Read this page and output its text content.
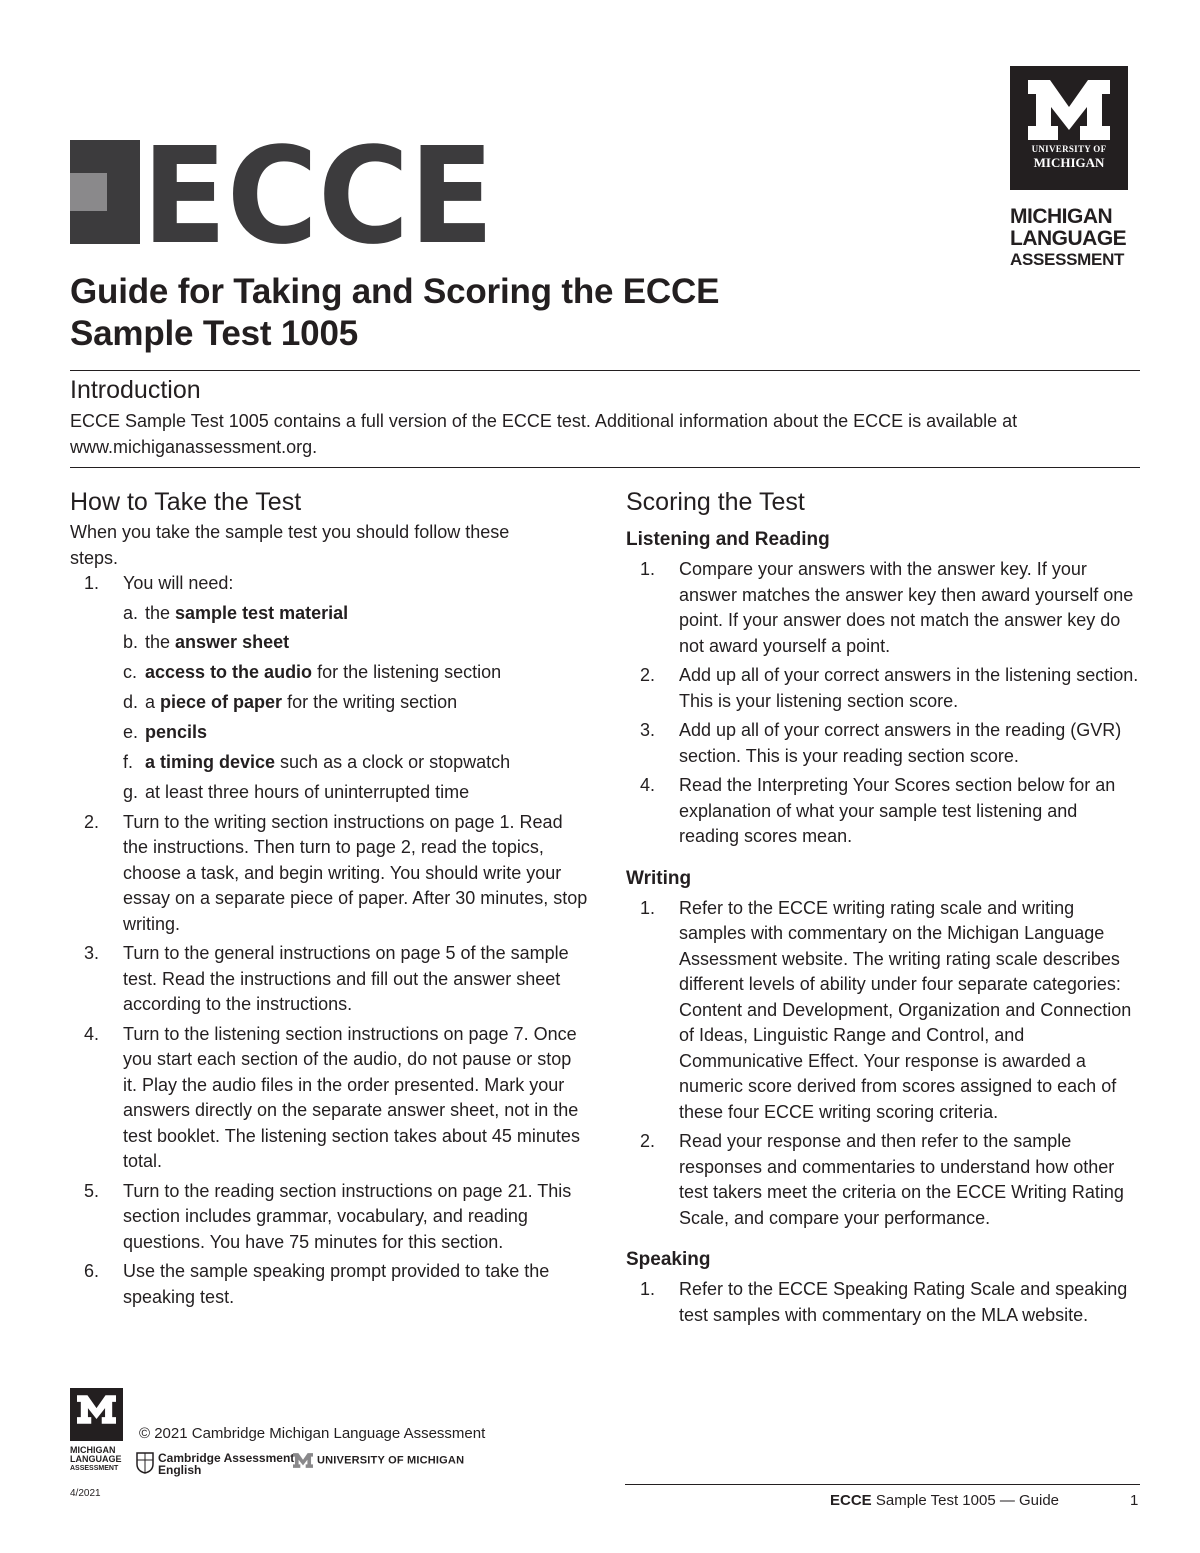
ECCE	UNIVERSITY OF
MICHIGAN
MICHIGAN
LANGUAGE
ASSESSMENT
Guide for Taking and Scoring the ECCE
Sample Test 1005
Introduction
ECCE Sample Test 1005 contains a full version of the ECCE test. Additional information about the ECCE is available at www.michiganassessment.org.
How to Take the Test

When you take the sample test you should follow these steps.

1. You will need:
a. the sample test material
b. the answer sheet
c. access to the audio for the listening section
d. a piece of paper for the writing section
e. pencils
f. a timing device such as a clock or stopwatch
g. at least three hours of uninterrupted time
2. Turn to the writing section instructions on page 1. Read the instructions. Then turn to page 2, read the topics, choose a task, and begin writing. You should write your essay on a separate piece of paper. After 30 minutes, stop writing.
3. Turn to the general instructions on page 5 of the sample test. Read the instructions and fill out the answer sheet according to the instructions.
4. Turn to the listening section instructions on page 7. Once you start each section of the audio, do not pause or stop it. Play the audio files in the order presented. Mark your answers directly on the separate answer sheet, not in the test booklet. The listening section takes about 45 minutes total.
5. Turn to the reading section instructions on page 21. This section includes grammar, vocabulary, and reading questions. You have 75 minutes for this section.
6. Use the sample speaking prompt provided to take the speaking test.
Scoring the Test
Listening and Reading
1. Compare your answers with the answer key. If your answer matches the answer key then award yourself one point. If your answer does not match the answer key do not award yourself a point.
2. Add up all of your correct answers in the listening section. This is your listening section score.
3. Add up all of your correct answers in the reading (GVR) section. This is your reading section score.
4. Read the Interpreting Your Scores section below for an explanation of what your sample test listening and reading scores mean.
Writing
1. Refer to the ECCE writing rating scale and writing samples with commentary on the Michigan Language Assessment website. The writing rating scale describes different levels of ability under four separate categories: Content and Development, Organization and Connection of Ideas, Linguistic Range and Control, and Communicative Effect. Your response is awarded a numeric score derived from scores assigned to each of these four ECCE writing scoring criteria.
2. Read your response and then refer to the sample responses and commentaries to understand how other test takers meet the criteria on the ECCE Writing Rating Scale, and compare your performance.
Speaking
1. Refer to the ECCE Speaking Rating Scale and speaking test samples with commentary on the MLA website.
MICHIGAN
LANGUAGE
ASSESSMENT
© 2021 Cambridge Michigan Language Assessment
Cambridge Assessment
English
UNIVERSITY OF MICHIGAN
4/2021	ECCE Sample Test 1005 — Guide	1
